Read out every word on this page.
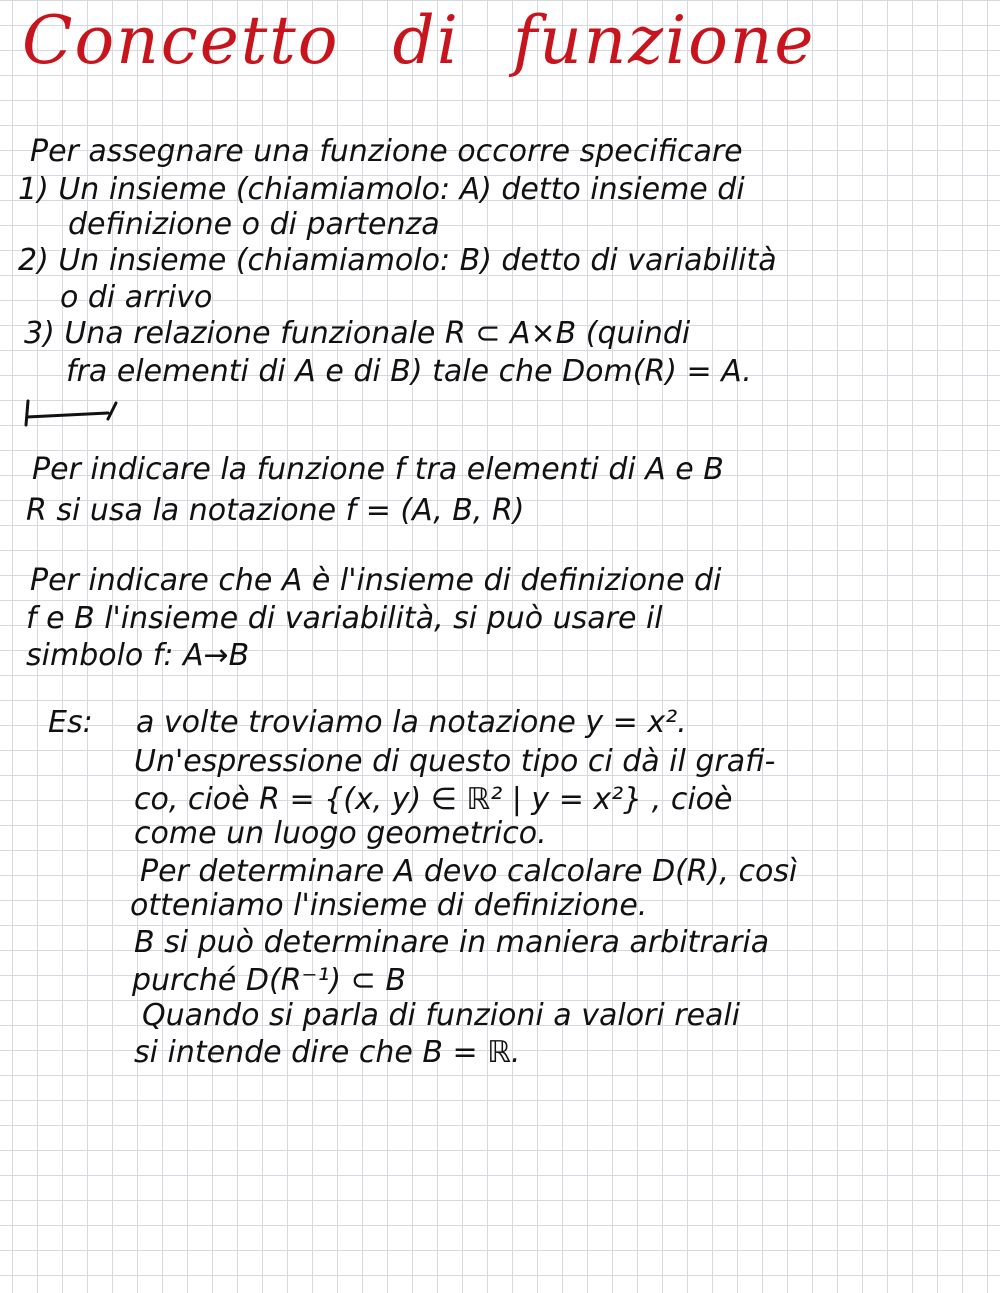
Concetto di funzione

Per assegnare una funzione occorre specificare

1) Un insieme (chiamiamolo: A) detto insieme di

definizione o di partenza

2) Un insieme (chiamiamolo: B) detto di variabilità

o di arrivo

3) Una relazione funzionale R ⊂ A×B (quindi

fra elementi di A e di B) tale che Dom(R) = A.

Per indicare la funzione f tra elementi di A e B

R si usa la notazione f = (A, B, R)

Per indicare che A è l'insieme di definizione di

f e B l'insieme di variabilità, si può usare il

simbolo f: A→B

Es: a volte troviamo la notazione y = x².

Un'espressione di questo tipo ci dà il grafi-

co, cioè R = {(x, y) ∈ ℝ² | y = x²} , cioè

come un luogo geometrico.

Per determinare A devo calcolare D(R), così

otteniamo l'insieme di definizione.

B si può determinare in maniera arbitraria

purché D(R⁻¹) ⊂ B

Quando si parla di funzioni a valori reali

si intende dire che B = ℝ.
